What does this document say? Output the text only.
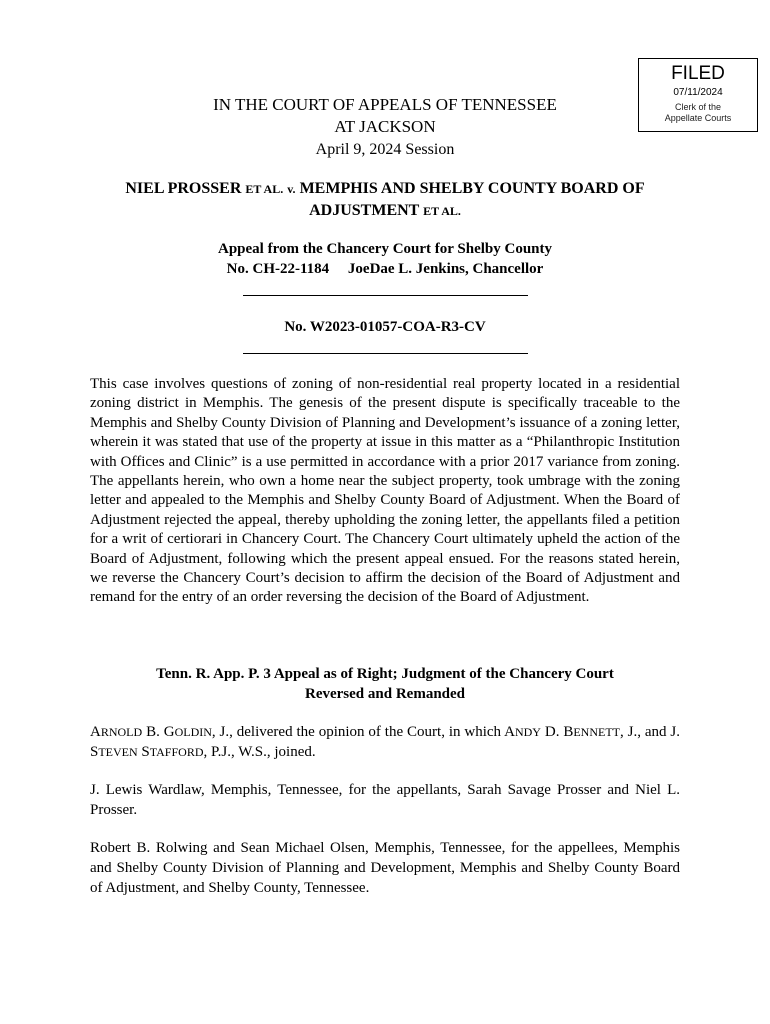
FILED
07/11/2024
Clerk of the
Appellate Courts
IN THE COURT OF APPEALS OF TENNESSEE
AT JACKSON
April 9, 2024 Session
NIEL PROSSER ET AL. v. MEMPHIS AND SHELBY COUNTY BOARD OF ADJUSTMENT ET AL.
Appeal from the Chancery Court for Shelby County
No. CH-22-1184 JoeDae L. Jenkins, Chancellor
No. W2023-01057-COA-R3-CV

This case involves questions of zoning of non-residential real property located in a residential zoning district in Memphis. The genesis of the present dispute is specifically traceable to the Memphis and Shelby County Division of Planning and Development’s issuance of a zoning letter, wherein it was stated that use of the property at issue in this matter as a “Philanthropic Institution with Offices and Clinic” is a use permitted in accordance with a prior 2017 variance from zoning. The appellants herein, who own a home near the subject property, took umbrage with the zoning letter and appealed to the Memphis and Shelby County Board of Adjustment. When the Board of Adjustment rejected the appeal, thereby upholding the zoning letter, the appellants filed a petition for a writ of certiorari in Chancery Court. The Chancery Court ultimately upheld the action of the Board of Adjustment, following which the present appeal ensued. For the reasons stated herein, we reverse the Chancery Court’s decision to affirm the decision of the Board of Adjustment and remand for the entry of an order reversing the decision of the Board of Adjustment.

Tenn. R. App. P. 3 Appeal as of Right; Judgment of the Chancery Court
Reversed and Remanded

ARNOLD B. GOLDIN, J., delivered the opinion of the Court, in which ANDY D. BENNETT, J., and J. STEVEN STAFFORD, P.J., W.S., joined.

J. Lewis Wardlaw, Memphis, Tennessee, for the appellants, Sarah Savage Prosser and Niel L. Prosser.

Robert B. Rolwing and Sean Michael Olsen, Memphis, Tennessee, for the appellees, Memphis and Shelby County Division of Planning and Development, Memphis and Shelby County Board of Adjustment, and Shelby County, Tennessee.
